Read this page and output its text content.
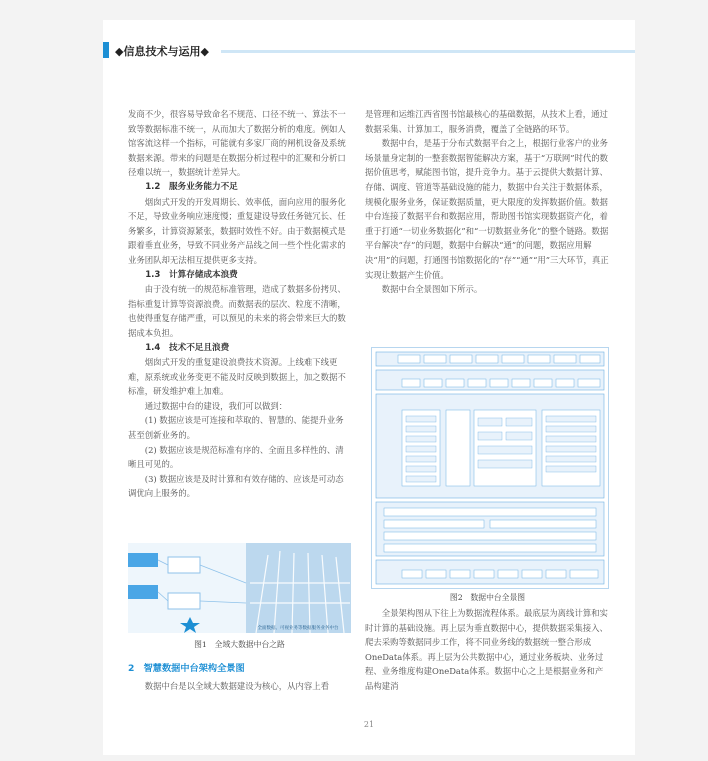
◆信息技术与运用◆

发商不少，很容易导致命名不规范、口径不统一、算法不一致等数据标准不统一，从而加大了数据分析的难度。例如人馆客流这样一个指标，可能就有多家厂商的闸机设备及系统数据来源。带来的问题是在数据分析过程中的汇聚和分析口径难以统一，数据统计差异大。

1.2　服务业务能力不足

烟囱式开发的开发周期长、效率低，面向应用的服务化不足，导致业务响应速度慢；重复建设导致任务链冗长、任务繁多，计算资源紧张，数据时效性不好。由于数据模式是跟着垂直业务，导致不同业务产品线之间一些个性化需求的业务团队却无法相互提供更多支持。

1.3　计算存储成本浪费

由于没有统一的规范标准管理，造成了数据多份拷贝、指标重复计算等资源浪费。而数据表的层次、粒度不清晰，也使得重复存储严重，可以预见的未来的将会带来巨大的数据成本负担。

1.4　技术不足且浪费

烟囱式开发的重复建设浪费技术资源。上线难下线更难，原系统或业务变更不能及时反映到数据上，加之数据不标准，研发维护难上加难。

通过数据中台的建设，我们可以做到：

(1) 数据应该是可连接和萃取的、智慧的、能提升业务甚至创新业务的。

(2) 数据应该是规范标准有序的、全面且多样性的、清晰且可见的。

(3) 数据应该是及时计算和有效存储的、应该是可动态调优向上服务的。

全面数据、可视业务等数据服务业务中台
图1　全域大数据中台之路
2　智慧数据中台架构全景图

数据中台是以全域大数据建设为核心，从内容上看

是管理和运维江西省图书馆最核心的基础数据，从技术上看，通过数据采集、计算加工，服务消费，覆盖了全链路的环节。

数据中台，是基于分布式数据平台之上，根据行业客户的业务场景量身定制的一整套数据智能解决方案，基于“万联网”时代的数据价值思考，赋能图书馆，提升竞争力。基于云提供大数据计算、存储、调度、管道等基础设施的能力，数据中台关注于数据体系，规模化服务业务，保证数据质量，更大限度的发挥数据价值。数据中台连接了数据平台和数据应用，帮助图书馆实现数据资产化，着重于打通“一切业务数据化”和“一切数据业务化”的整个链路。数据平台解决“存”的问题，数据中台解决“通”的问题，数据应用解决“用”的问题，打通图书馆数据化的“存”“通”“用”三大环节，真正实现让数据产生价值。

数据中台全景图如下所示。

图2　数据中台全景图

全景架构图从下往上为数据流程体系。最底层为离线计算和实时计算的基础设施。再上层为垂直数据中心，提供数据采集接入、爬去采购等数据同步工作，将不同业务线的数据统一整合形成OneData体系。再上层为公共数据中心，通过业务板块、业务过程、业务维度构建OneData体系。数据中心之上是根据业务和产品构建消

21
